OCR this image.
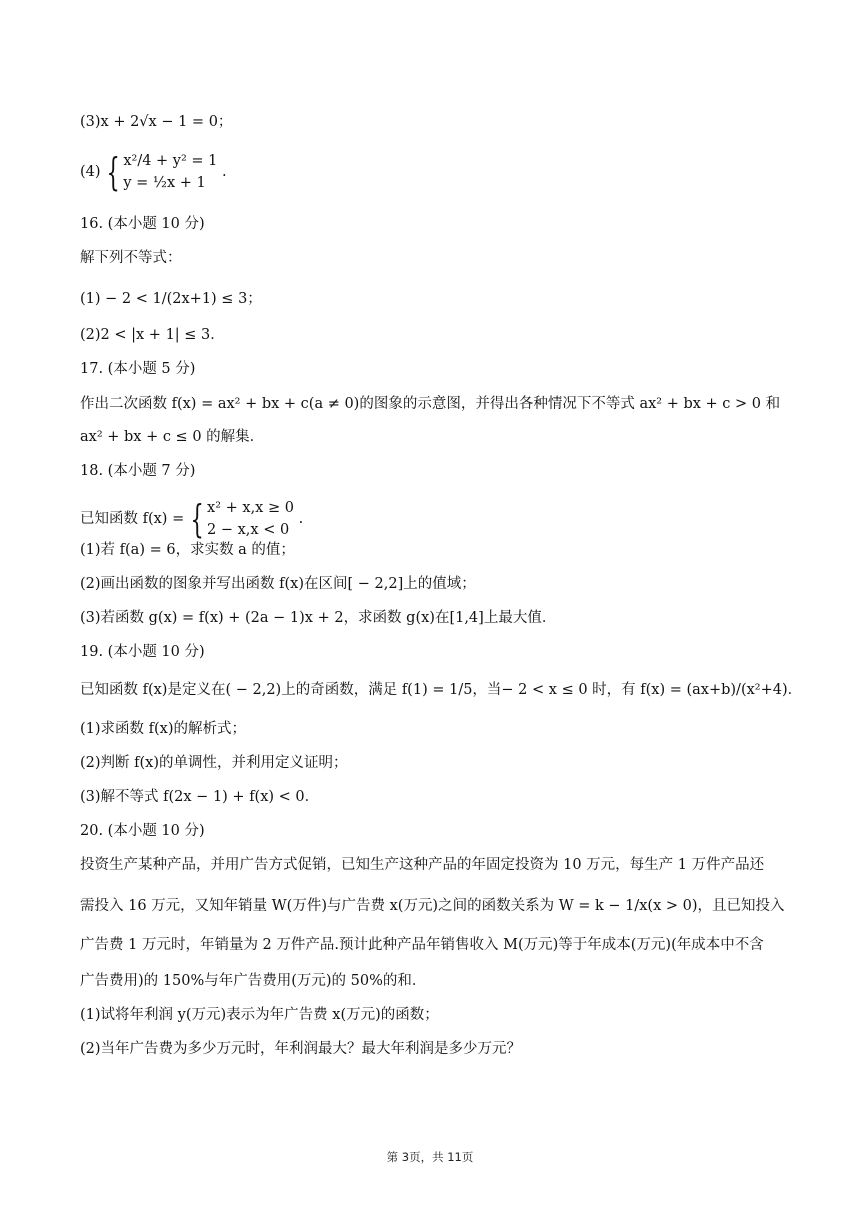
(3)x + 2√x − 1 = 0；
(4) { x²/4 + y² = 1
y = ½x + 1
.
16. (本小题 10 分)
解下列不等式：
(1) − 2 < 1/(2x+1) ≤ 3；
(2)2 < |x + 1| ≤ 3．
17. (本小题 5 分)
作出二次函数 f(x) = ax² + bx + c(a ≠ 0)的图象的示意图，并得出各种情况下不等式 ax² + bx + c > 0 和
ax² + bx + c ≤ 0 的解集．
18. (本小题 7 分)
已知函数 f(x) = { x² + x,x ≥ 0
2 − x,x < 0
.
(1)若 f(a) = 6，求实数 a 的值；
(2)画出函数的图象并写出函数 f(x)在区间[ − 2,2]上的值域；
(3)若函数 g(x) = f(x) + (2a − 1)x + 2，求函数 g(x)在[1,4]上最大值．
19. (本小题 10 分)
已知函数 f(x)是定义在( − 2,2)上的奇函数，满足 f(1) = 1/5，当− 2 < x ≤ 0 时，有 f(x) = (ax+b)/(x²+4)．
(1)求函数 f(x)的解析式；
(2)判断 f(x)的单调性，并利用定义证明；
(3)解不等式 f(2x − 1) + f(x) < 0．
20. (本小题 10 分)
投资生产某种产品，并用广告方式促销，已知生产这种产品的年固定投资为 10 万元，每生产 1 万件产品还
需投入 16 万元，又知年销量 W(万件)与广告费 x(万元)之间的函数关系为 W = k − 1/x(x > 0)，且已知投入
广告费 1 万元时，年销量为 2 万件产品.预计此种产品年销售收入 M(万元)等于年成本(万元)(年成本中不含
广告费用)的 150%与年广告费用(万元)的 50%的和．
(1)试将年利润 y(万元)表示为年广告费 x(万元)的函数；
(2)当年广告费为多少万元时，年利润最大？最大年利润是多少万元？
第 3页，共 11页
